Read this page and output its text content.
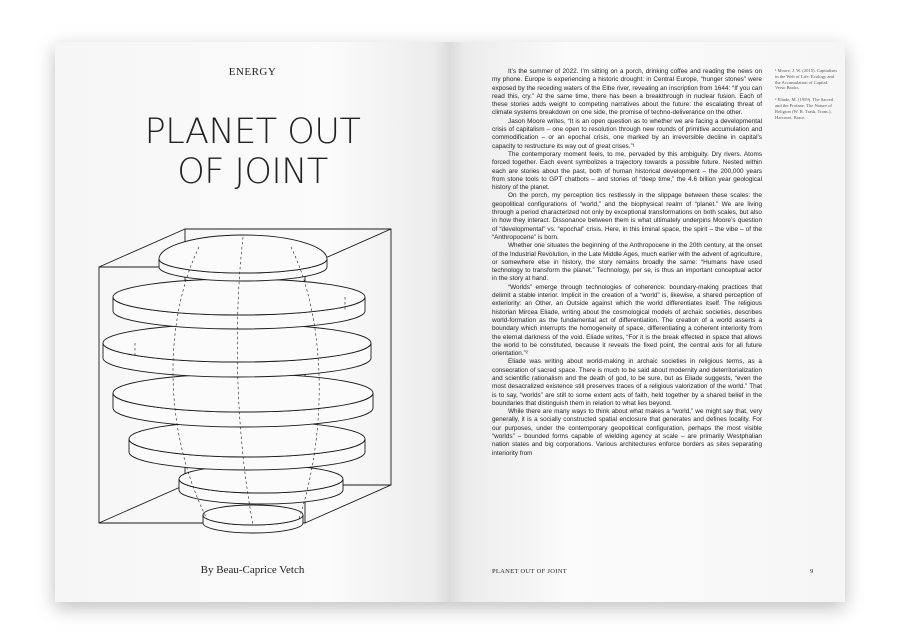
ENERGY
PLANET OUT
OF JOINT
By Beau-Caprice Vetch

It’s the summer of 2022. I’m sitting on a porch, drinking coffee and reading the news on my phone. Europe is experiencing a historic drought: in Central Europe, “hunger stones” were exposed by the receding waters of the Elbe river, revealing an inscription from 1644: “If you can read this, cry.” At the same time, there has been a breakthrough in nuclear fusion. Each of these stories adds weight to competing narratives about the future: the escalating threat of climate systems breakdown on one side, the promise of techno-deliverance on the other.

Jason Moore writes, “It is an open question as to whether we are facing a developmental crisis of capitalism – one open to resolution through new rounds of primitive accumulation and commodification – or an epochal crisis, one marked by an irreversible decline in capital’s capacity to restructure its way out of great crises.”¹

The contemporary moment feels, to me, pervaded by this ambiguity. Dry rivers. Atoms forced together. Each event symbolizes a trajectory towards a possible future. Nested within each are stories about the past, both of human historical development – the 200,000 years from stone tools to GPT chatbots – and stories of “deep time,” the 4.6 billion year geological history of the planet.

On the porch, my perception tics restlessly in the slippage between these scales: the geopolitical configurations of “world,” and the biophysical realm of “planet.” We are living through a period characterized not only by exceptional transformations on both scales, but also in how they interact. Dissonance between them is what ultimately underpins Moore’s question of “developmental” vs. “epochal” crisis. Here, in this liminal space, the spirit – the vibe – of the “Anthropocene” is born.

Whether one situates the beginning of the Anthropocene in the 20th century, at the onset of the Industrial Revolution, in the Late Middle Ages, much earlier with the advent of agriculture, or somewhere else in history, the story remains broadly the same: “Humans have used technology to transform the planet.” Technology, per se, is thus an important conceptual actor in the story at hand.

“Worlds” emerge through technologies of coherence: boundary-making practices that delimit a stable interior. Implicit in the creation of a “world” is, likewise, a shared perception of exteriority: an Other, an Outside against which the world differentiates itself. The religious historian Mircea Eliade, writing about the cosmological models of archaic societies, describes world-formation as the fundamental act of differentiation. The creation of a world asserts a boundary which interrupts the homogeneity of space, differentiating a coherent interiority from the eternal darkness of the void. Eliade writes, “For it is the break effected in space that allows the world to be constituted, because it reveals the fixed point, the central axis for all future orientation.”²

Eliade was writing about world-making in archaic societies in religious terms, as a consecration of sacred space. There is much to be said about modernity and deterritorialization and scientific rationalism and the death of god, to be sure, but as Eliade suggests, “even the most desacralized existence still preserves traces of a religious valorization of the world.” That is to say, “worlds” are still to some extent acts of faith, held together by a shared belief in the boundaries that distinguish them in relation to what lies beyond.

While there are many ways to think about what makes a “world,” we might say that, very generally, it is a socially constructed spatial enclosure that generates and defines locality. For our purposes, under the contemporary geopolitical configuration, perhaps the most visible “worlds” – bounded forms capable of wielding agency at scale – are primarily Westphalian nation states and big corporations. Various architectures enforce borders as sites separating interiority from

¹ Moore, J. W. (2015). Capitalism in the Web of Life: Ecology and the Accumulation of Capital. Verso Books.

² Eliade, M. (1959). The Sacred and the Profane: The Nature of Religion (W. R. Trask, Trans.). Harcourt, Brace.

PLANET OUT OF JOINT	9
